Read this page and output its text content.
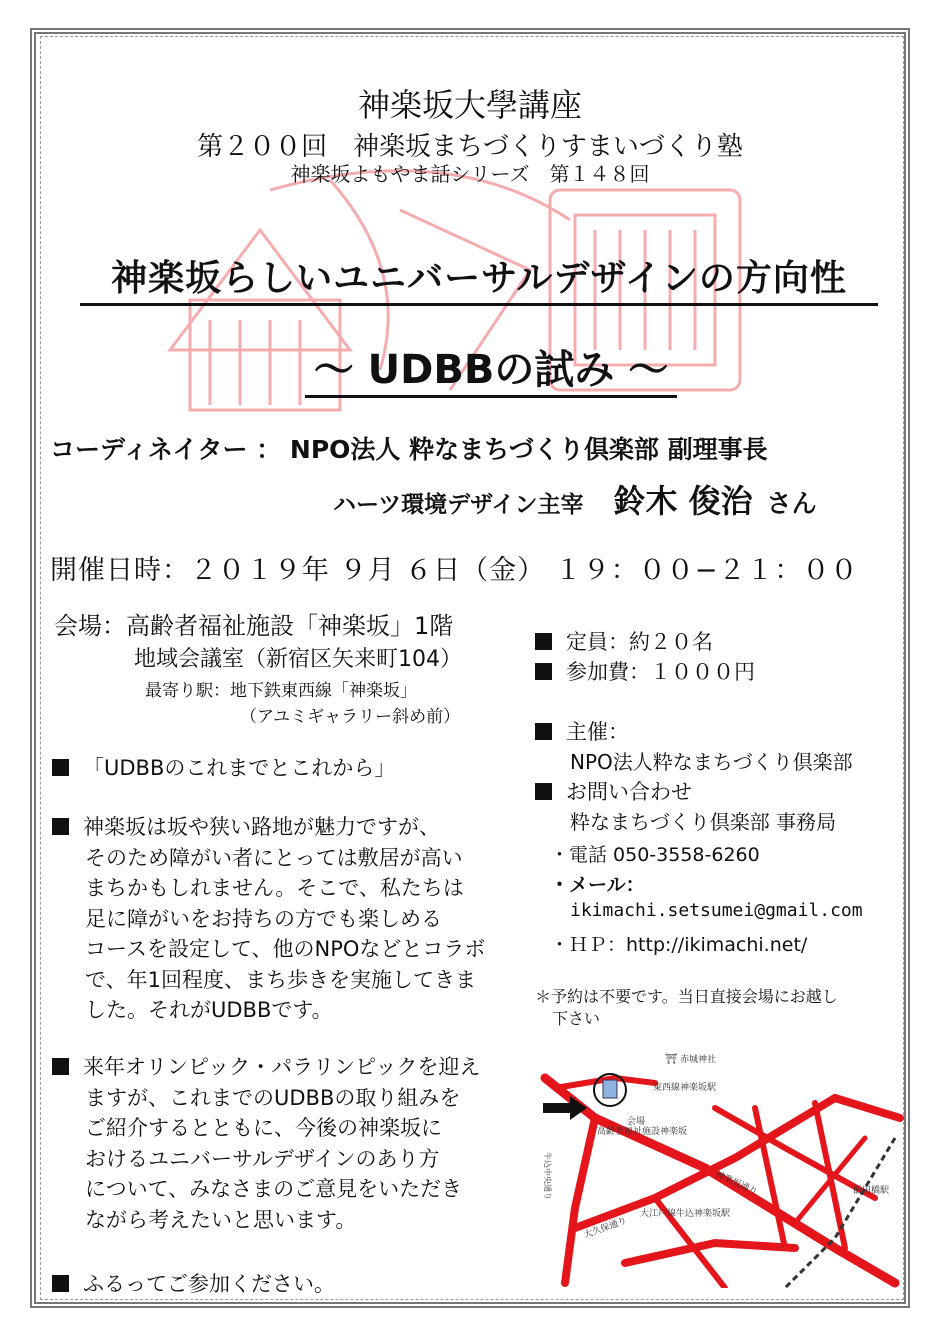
神楽坂大學講座
第２００回　神楽坂まちづくりすまいづくり塾
神楽坂よもやま話シリーズ　第１４８回
神楽坂らしいユニバーサルデザインの方向性
～ UDBBの試み ～
コーディネイター ： NPO法人 粋なまちづくり倶楽部 副理事長
ハーツ環境デザイン主宰 鈴木 俊治 さん
開催日時：２０１９年 ９月 ６日（金） １９：００−２１：００
会場：高齢者福祉施設「神楽坂」1階
地域会議室（新宿区矢来町104）
最寄り駅：地下鉄東西線「神楽坂」
（アユミギャラリー斜め前）
「UDBBのこれまでとこれから」

神楽坂は坂や狭い路地が魅力ですが、

そのため障がい者にとっては敷居が高い

まちかもしれません。そこで、私たちは

足に障がいをお持ちの方でも楽しめる

コースを設定して、他のNPOなどとコラボ

で、年1回程度、まち歩きを実施してきま

した。それがUDBBです。

来年オリンピック・パラリンピックを迎え

ますが、これまでのUDBBの取り組みを

ご紹介するとともに、今後の神楽坂に

おけるユニバーサルデザインのあり方

について、みなさまのご意見をいただき

ながら考えたいと思います。

ふるってご参加ください。
定員：約２０名
参加費：１０００円
主催：
NPO法人粋なまちづくり倶楽部
お問い合わせ
粋なまちづくり倶楽部 事務局
・電話 050-3558-6260
・メール：
ikimachi.setsumei@gmail.com
・ＨＰ：http://ikimachi.net/
＊予約は不要です。当日直接会場にお越し
下さい
⛩ 赤城神社
東西線神楽坂駅
会場
高齢者福祉施設神楽坂
牛込中央通り	神楽坂通り
大久保通り
大江戸線牛込神楽坂駅
飯田橋駅
